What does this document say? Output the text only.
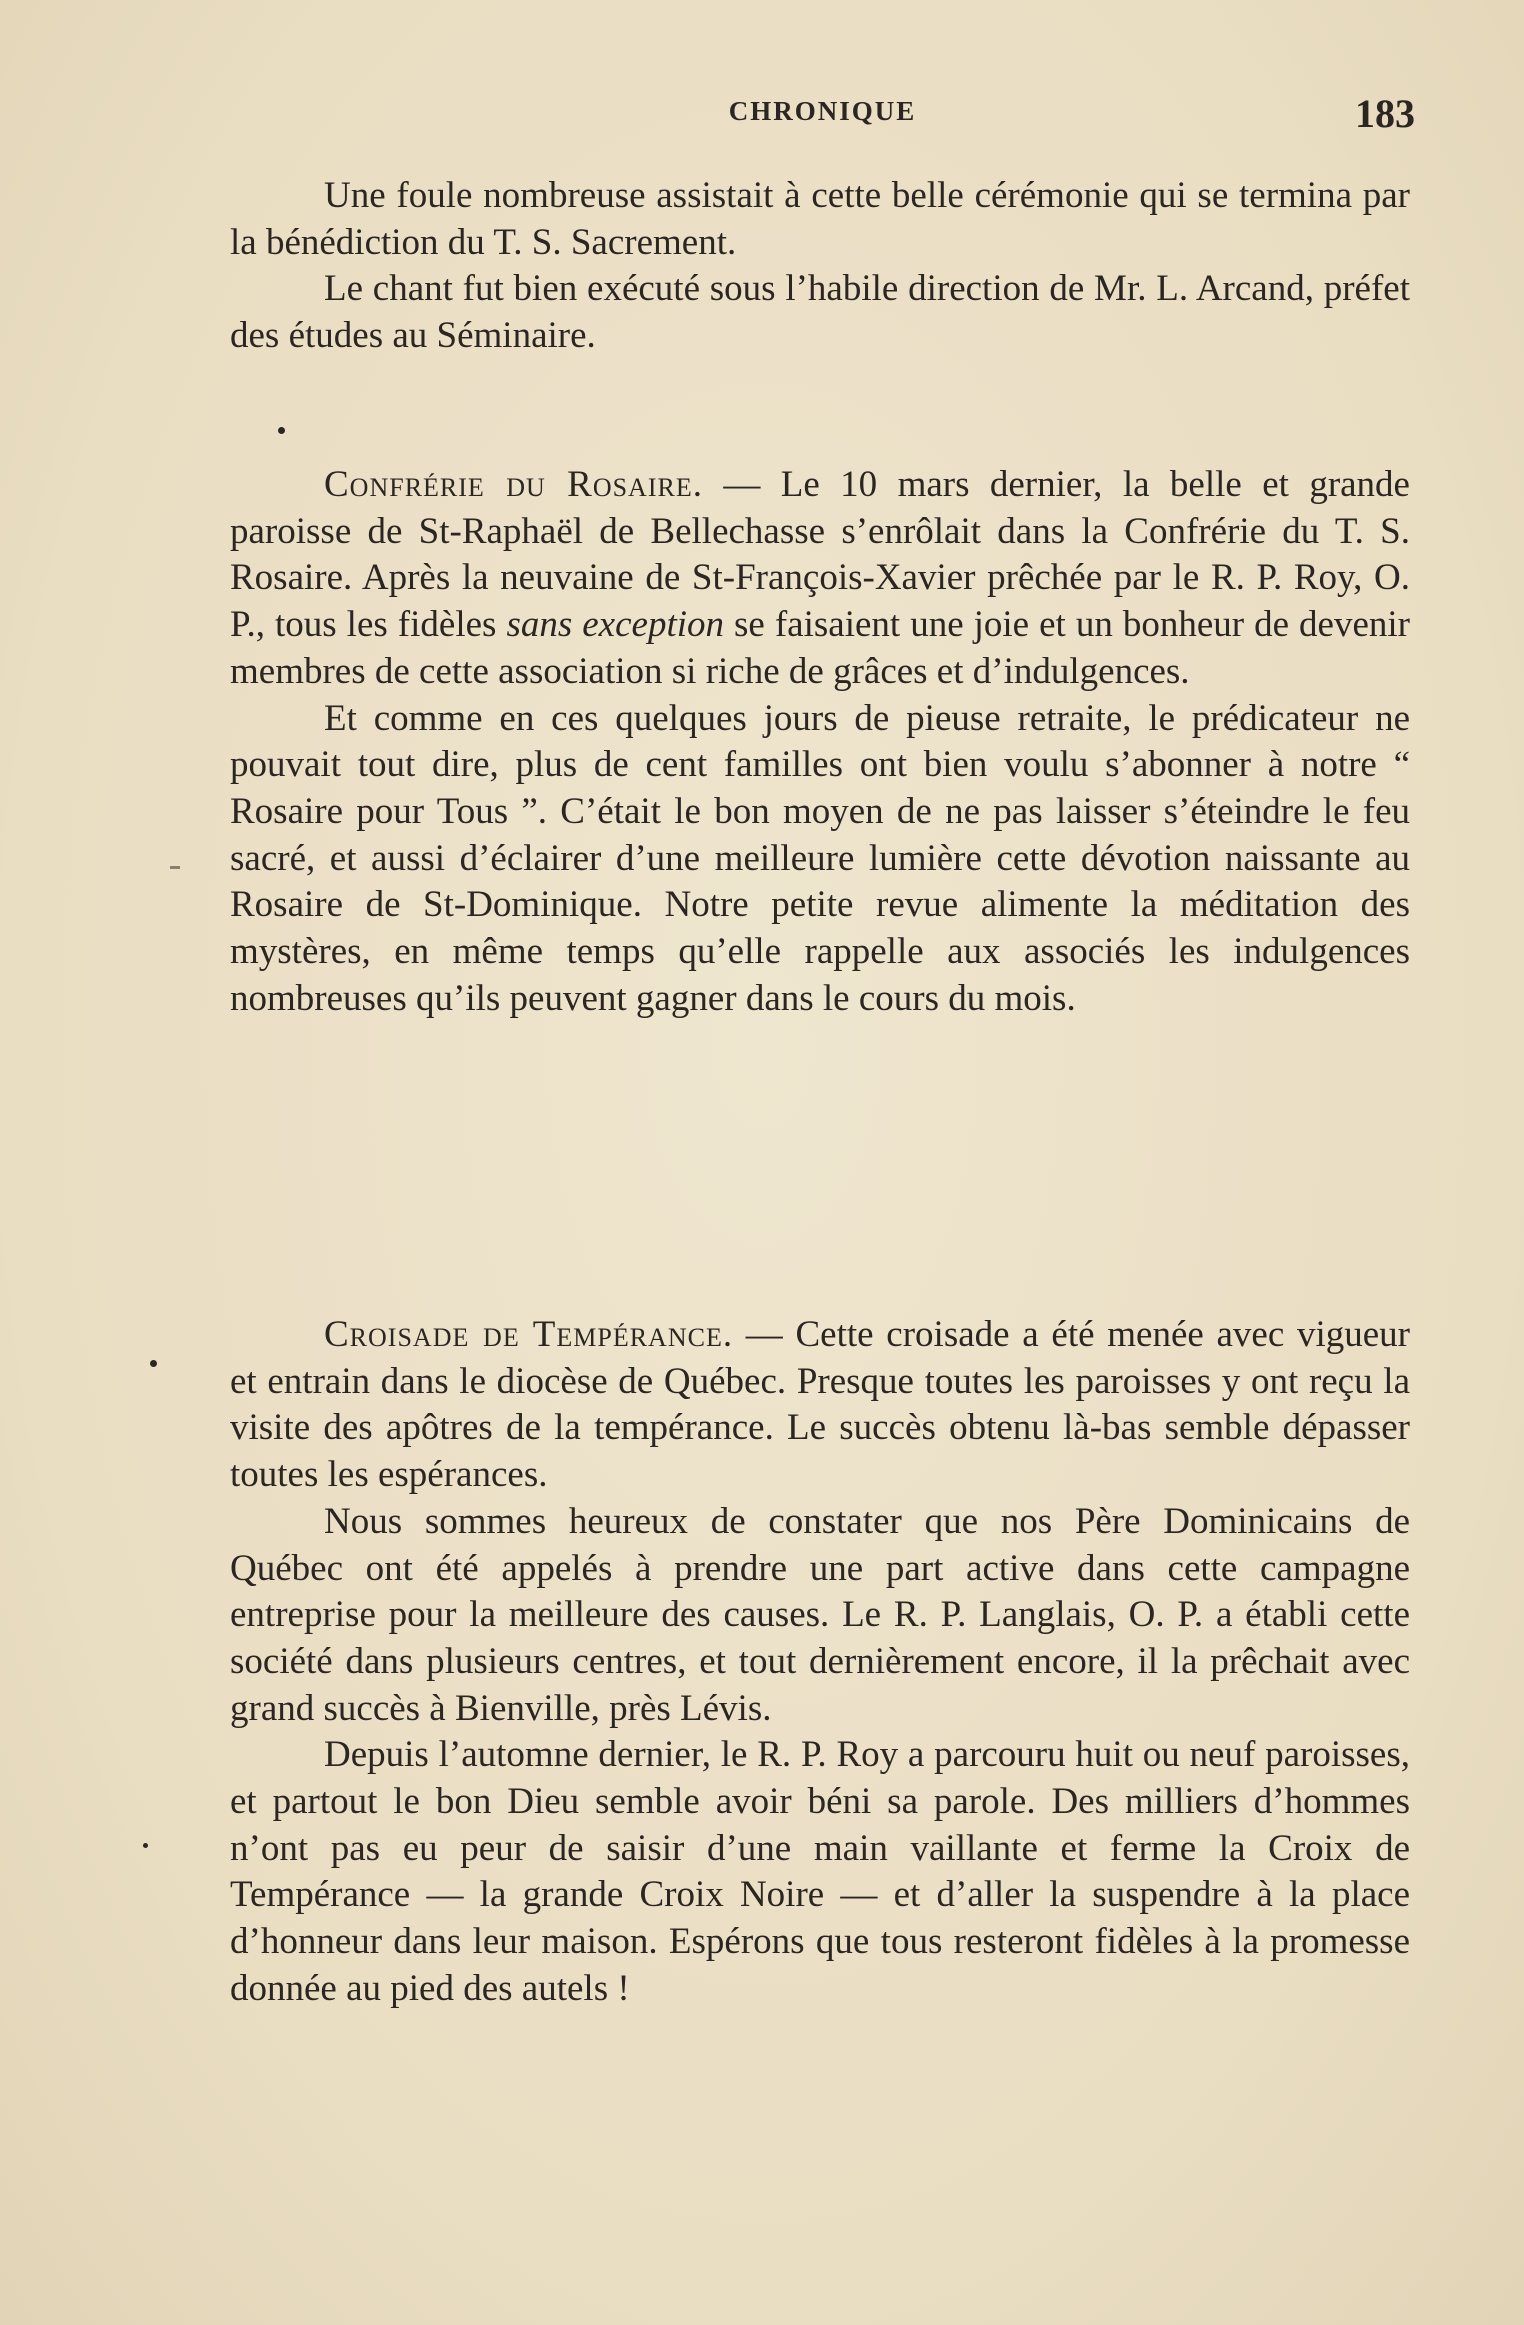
CHRONIQUE	183

Une foule nombreuse assistait à cette belle cérémonie qui se termina par la bénédiction du T. S. Sacrement.

Le chant fut bien exécuté sous l’habile direction de Mr. L. Arcand, préfet des études au Séminaire.

Confrérie du Rosaire. — Le 10 mars dernier, la belle et grande paroisse de St-Raphaël de Bellechasse s’enrôlait dans la Confrérie du T. S. Rosaire. Après la neuvaine de St-François-Xavier prêchée par le R. P. Roy, O. P., tous les fidèles sans exception se faisaient une joie et un bonheur de devenir membres de cette association si riche de grâces et d’indulgences.

Et comme en ces quelques jours de pieuse retraite, le prédicateur ne pouvait tout dire, plus de cent familles ont bien voulu s’abonner à notre “ Rosaire pour Tous ”. C’était le bon moyen de ne pas laisser s’éteindre le feu sacré, et aussi d’éclairer d’une meilleure lumière cette dévotion naissante au Rosaire de St-Dominique. Notre petite revue alimente la méditation des mystères, en même temps qu’elle rappelle aux associés les indulgences nombreuses qu’ils peuvent gagner dans le cours du mois.

Croisade de Tempérance. — Cette croisade a été menée avec vigueur et entrain dans le diocèse de Québec. Presque toutes les paroisses y ont reçu la visite des apôtres de la tempérance. Le succès obtenu là-bas semble dépasser toutes les espérances.

Nous sommes heureux de constater que nos Père Dominicains de Québec ont été appelés à prendre une part active dans cette campagne entreprise pour la meilleure des causes. Le R. P. Langlais, O. P. a établi cette société dans plusieurs centres, et tout dernièrement encore, il la prêchait avec grand succès à Bienville, près Lévis.

Depuis l’automne dernier, le R. P. Roy a parcouru huit ou neuf paroisses, et partout le bon Dieu semble avoir béni sa parole. Des milliers d’hommes n’ont pas eu peur de saisir d’une main vaillante et ferme la Croix de Tempérance — la grande Croix Noire — et d’aller la suspendre à la place d’honneur dans leur maison. Espérons que tous resteront fidèles à la promesse donnée au pied des autels !
